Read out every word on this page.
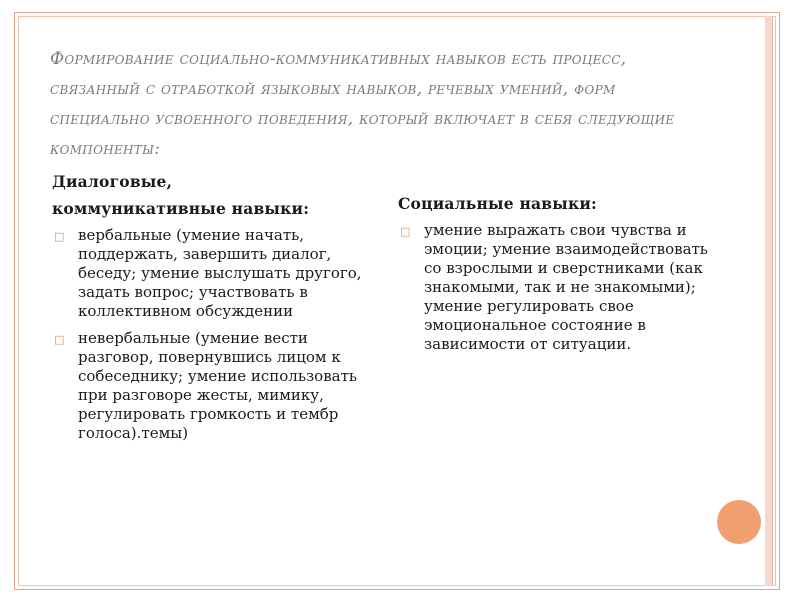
Формирование социально-коммуникативных навыков есть процесс, связанный с отработкой языковых навыков, речевых умений, форм специально усвоенного поведения, который включает в себя следующие компоненты:
Диалоговые,
коммуникативные навыки:
□ вербальные (умение начать, поддержать, завершить диалог, беседу; умение выслушать другого, задать вопрос; участвовать в коллективном обсуждении
□ невербальные (умение вести разговор, повернувшись лицом к собеседнику; умение использовать при разговоре жесты, мимику, регулировать громкость и тембр голоса).темы)
Социальные навыки:
□ умение выражать свои чувства и эмоции; умение взаимодействовать со взрослыми и сверстниками (как знакомыми, так и не знакомыми); умение регулировать свое эмоциональное состояние в зависимости от ситуации.
